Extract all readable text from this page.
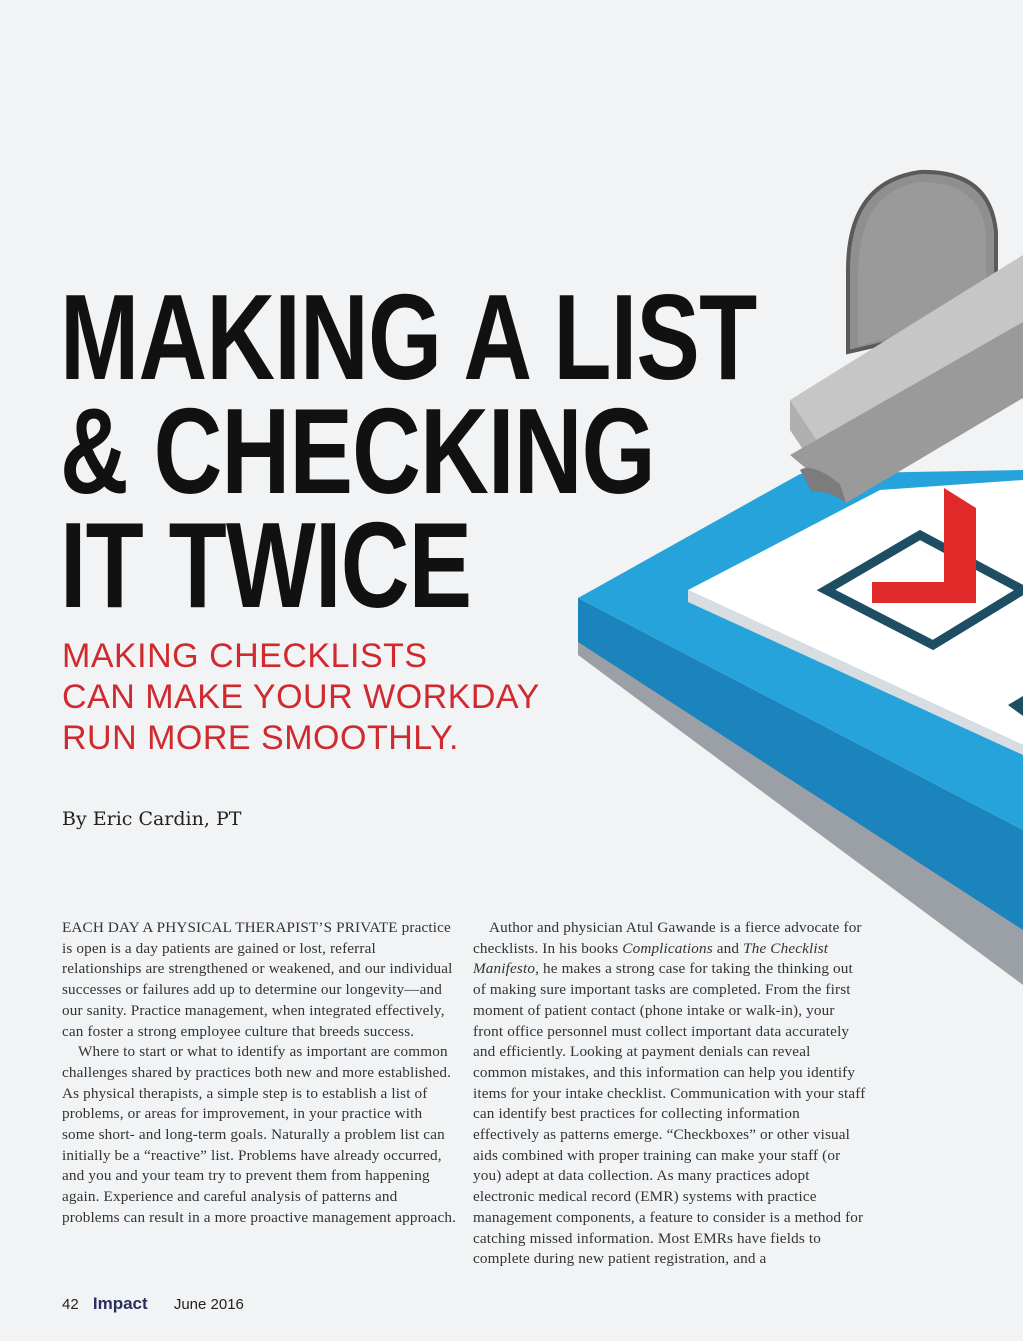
MAKING A LIST
& CHECKING
IT TWICE
MAKING CHECKLISTS
CAN MAKE YOUR WORKDAY
RUN MORE SMOOTHLY.
By Eric Cardin, PT

EACH DAY A PHYSICAL THERAPIST’S PRIVATE practice is open is a day patients are gained or lost, referral relationships are strengthened or weakened, and our individual successes or failures add up to determine our longevity—and our sanity. Practice management, when integrated effectively, can foster a strong employee culture that breeds success.

Where to start or what to identify as important are common challenges shared by practices both new and more established. As physical therapists, a simple step is to establish a list of problems, or areas for improvement, in your practice with some short- and long-term goals. Naturally a problem list can initially be a “reactive” list. Problems have already occurred, and you and your team try to prevent them from happening again. Experience and careful analysis of patterns and problems can result in a more proactive management approach.

Author and physician Atul Gawande is a fierce advocate for checklists. In his books Complications and The Checklist Manifesto, he makes a strong case for taking the thinking out of making sure important tasks are completed. From the first moment of patient contact (phone intake or walk-in), your front office personnel must collect important data accurately and efficiently. Looking at payment denials can reveal common mistakes, and this information can help you identify items for your intake checklist. Communication with your staff can identify best practices for collecting information effectively as patterns emerge. “Checkboxes” or other visual aids combined with proper training can make your staff (or you) adept at data collection. As many practices adopt electronic medical record (EMR) systems with practice management components, a feature to consider is a method for catching missed information. Most EMRs have fields to complete during new patient registration, and a

42 Impact June 2016
